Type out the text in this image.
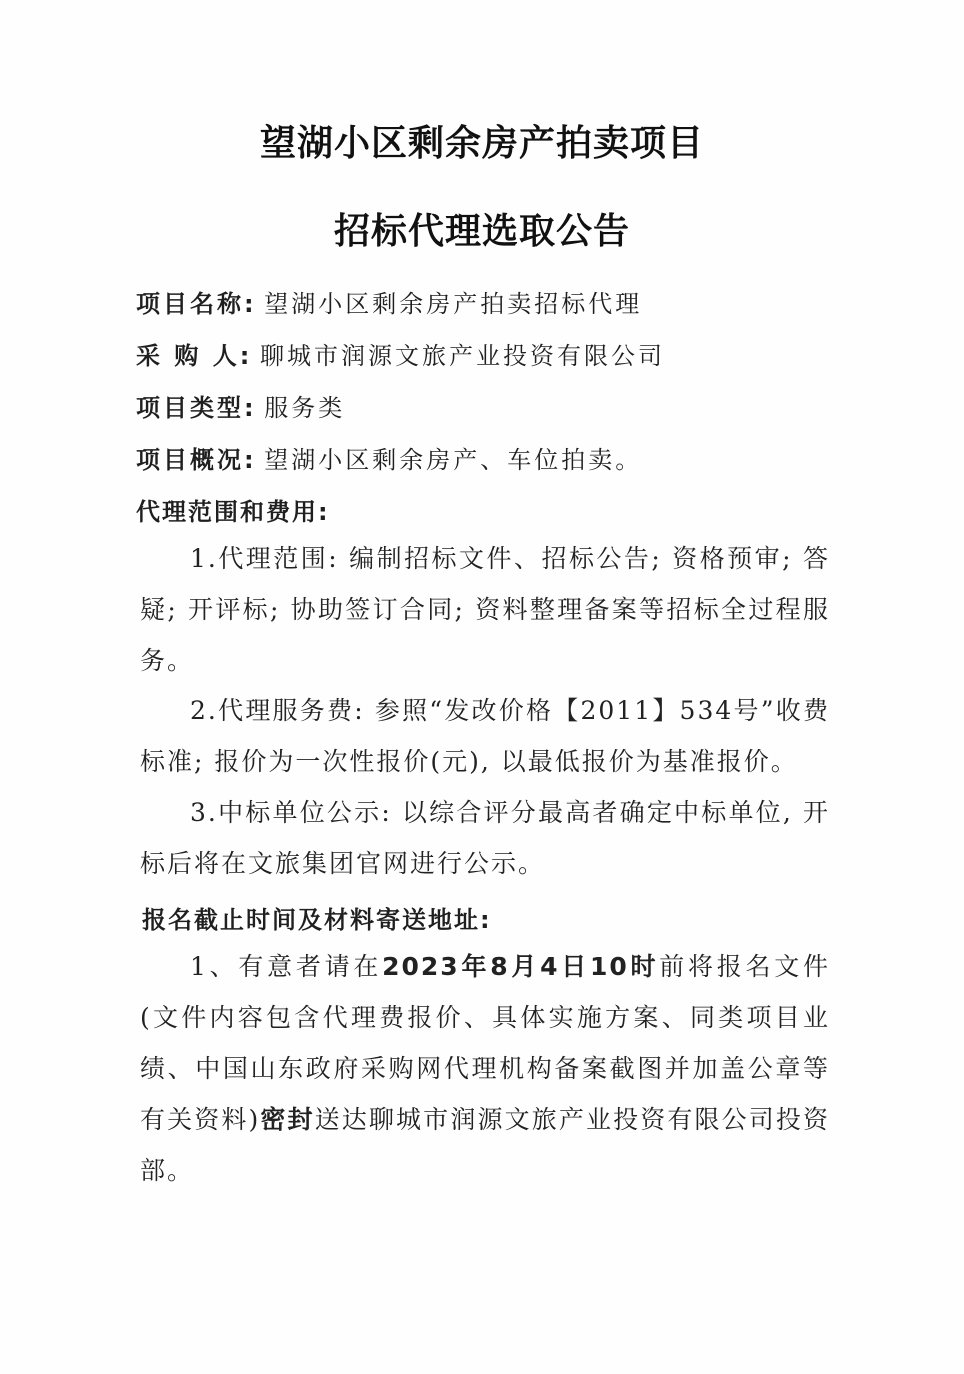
望湖小区剩余房产拍卖项目
招标代理选取公告
项目名称: 望湖小区剩余房产拍卖招标代理
采 购 人: 聊城市润源文旅产业投资有限公司
项目类型: 服务类
项目概况: 望湖小区剩余房产、车位拍卖。
代理范围和费用:
1.代理范围: 编制招标文件、招标公告; 资格预审; 答疑; 开评标; 协助签订合同; 资料整理备案等招标全过程服务。
2.代理服务费: 参照“发改价格【2011】534号”收费标准; 报价为一次性报价(元), 以最低报价为基准报价。
3.中标单位公示: 以综合评分最高者确定中标单位, 开标后将在文旅集团官网进行公示。
报名截止时间及材料寄送地址:
1、有意者请在2023年8月4日10时前将报名文件(文件内容包含代理费报价、具体实施方案、同类项目业绩、中国山东政府采购网代理机构备案截图并加盖公章等有关资料)密封送达聊城市润源文旅产业投资有限公司投资部。
